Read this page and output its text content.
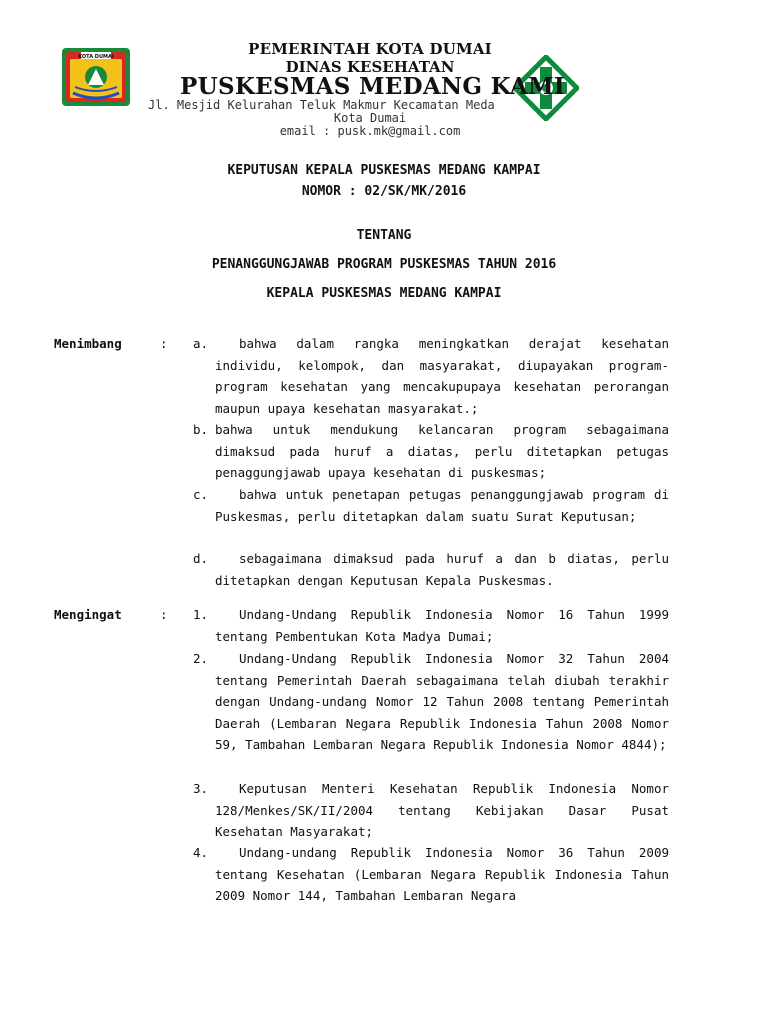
KOTA DUMAI	PEMERINTAH KOTA DUMAI
DINAS KESEHATAN
PUSKESMAS MEDANG KAMI
Jl. Mesjid Kelurahan Teluk Makmur Kecamatan Meda
Kota Dumai
email : pusk.mk@gmail.com
KEPUTUSAN KEPALA PUSKESMAS MEDANG KAMPAI
NOMOR : 02/SK/MK/2016
TENTANG
PENANGGUNGJAWAB PROGRAM PUSKESMAS TAHUN 2016
KEPALA PUSKESMAS MEDANG KAMPAI
Menimbang	: a.	bahwa dalam rangka meningkatkan derajat kesehatan individu, kelompok, dan masyarakat, diupayakan program-program kesehatan yang mencakupupaya kesehatan perorangan maupun upaya kesehatan masyarakat.;
b. bahwa untuk mendukung kelancaran program sebagaimana dimaksud pada huruf a diatas, perlu ditetapkan petugas penaggungjawab upaya kesehatan di puskesmas;
c.	bahwa untuk penetapan petugas penanggungjawab program di Puskesmas, perlu ditetapkan dalam suatu Surat Keputusan;
d.	sebagaimana dimaksud pada huruf a dan b diatas, perlu ditetapkan dengan Keputusan Kepala Puskesmas.
Mengingat	: 1.	Undang-Undang Republik Indonesia Nomor 16 Tahun 1999 tentang Pembentukan Kota Madya Dumai;
2.	Undang-Undang Republik Indonesia Nomor 32 Tahun 2004 tentang Pemerintah Daerah sebagaimana telah diubah terakhir dengan Undang-undang Nomor 12 Tahun 2008 tentang Pemerintah Daerah (Lembaran Negara Republik Indonesia Tahun 2008 Nomor 59, Tambahan Lembaran Negara Republik Indonesia Nomor 4844);
3.	Keputusan Menteri Kesehatan Republik Indonesia Nomor 128/Menkes/SK/II/2004 tentang Kebijakan Dasar Pusat Kesehatan Masyarakat;
4.	Undang-undang Republik Indonesia Nomor 36 Tahun 2009 tentang Kesehatan (Lembaran Negara Republik Indonesia Tahun 2009 Nomor 144, Tambahan Lembaran Negara
